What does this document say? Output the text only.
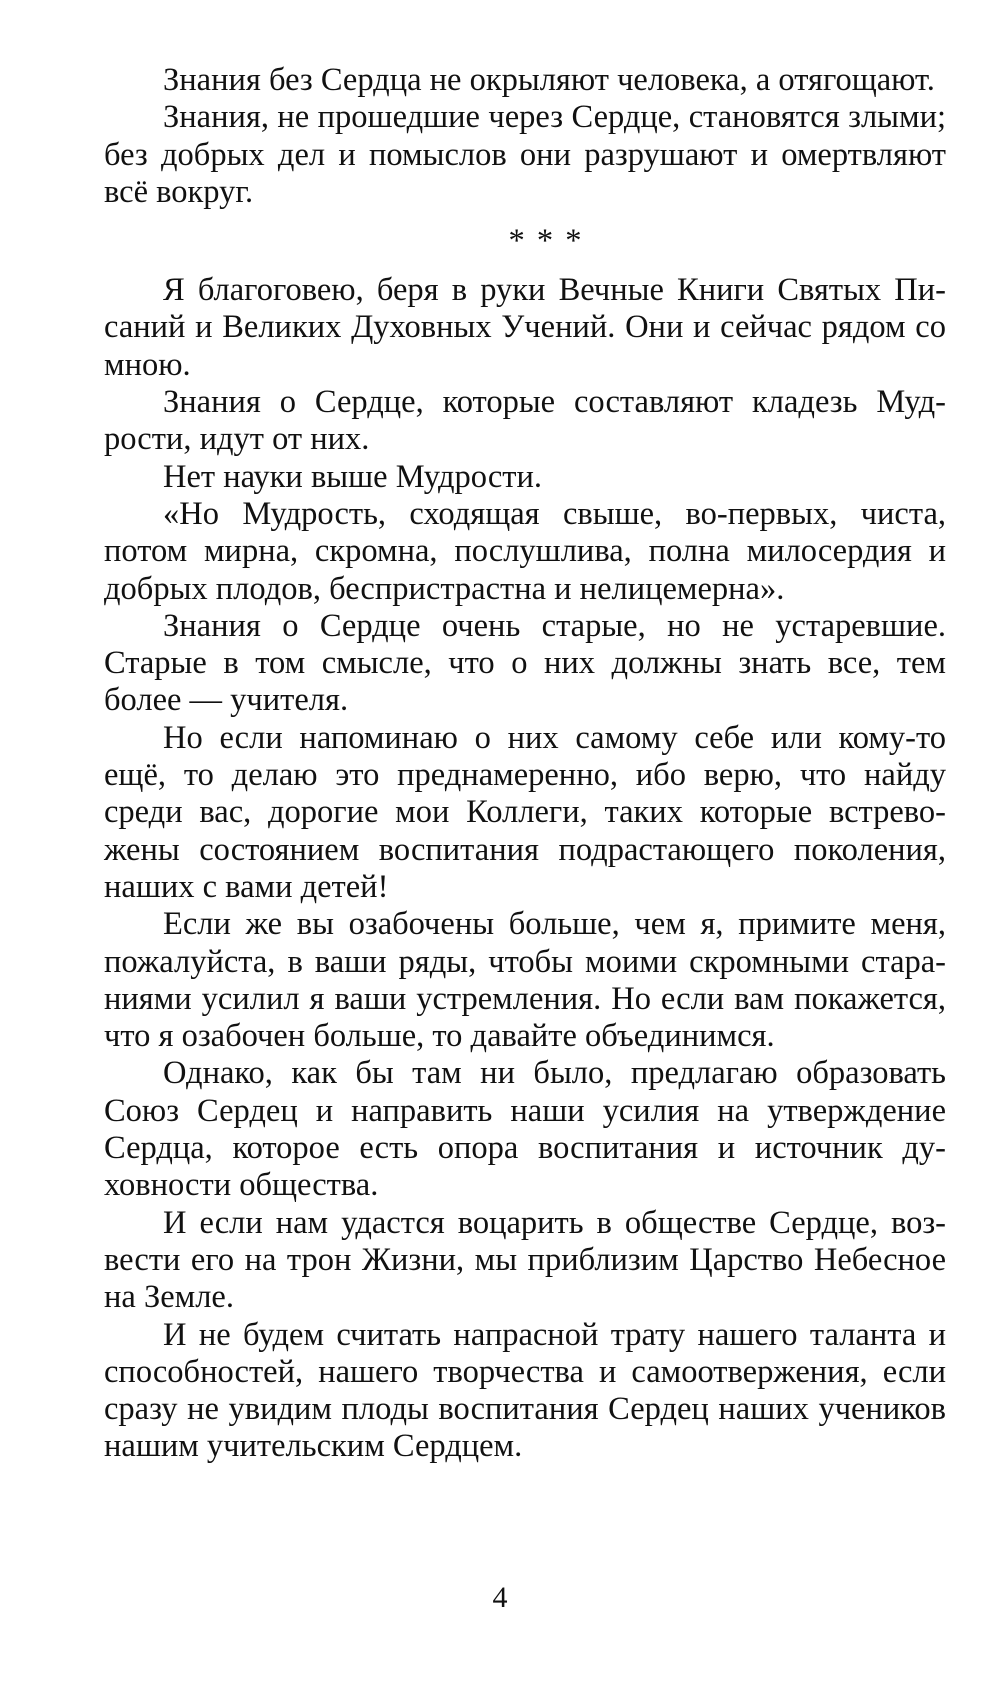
Знания без Сердца не окрыляют человека, а отягощают.

Знания, не прошедшие через Сердце, становятся злыми; без добрых дел и помыслов они разрушают и омертвляют всё вокруг.

* * *

Я благоговею, беря в руки Вечные Книги Святых Писаний и Великих Духовных Учений. Они и сейчас рядом со мною.

Знания о Сердце, которые составляют кладезь Мудрости, идут от них.

Нет науки выше Мудрости.

«Но Мудрость, сходящая свыше, во-первых, чиста, потом мирна, скромна, послушлива, полна милосердия и добрых плодов, беспристрастна и нелицемерна».

Знания о Сердце очень старые, но не устаревшие. Старые в том смысле, что о них должны знать все, тем более — учителя.

Но если напоминаю о них самому себе или кому-то ещё, то делаю это преднамеренно, ибо верю, что найду среди вас, дорогие мои Коллеги, таких которые встревожены состоянием воспитания подрастающего поколения, наших с вами детей!

Если же вы озабочены больше, чем я, примите меня, пожалуйста, в ваши ряды, чтобы моими скромными стараниями усилил я ваши устремления. Но если вам покажется, что я озабочен больше, то давайте объединимся.

Однако, как бы там ни было, предлагаю образовать Союз Сердец и направить наши усилия на утверждение Сердца, которое есть опора воспитания и источник духовности общества.

И если нам удастся воцарить в обществе Сердце, возвести его на трон Жизни, мы приблизим Царство Небесное на Земле.

И не будем считать напрасной трату нашего таланта и способностей, нашего творчества и самоотвержения, если сразу не увидим плоды воспитания Сердец наших учеников нашим учительским Сердцем.

4
